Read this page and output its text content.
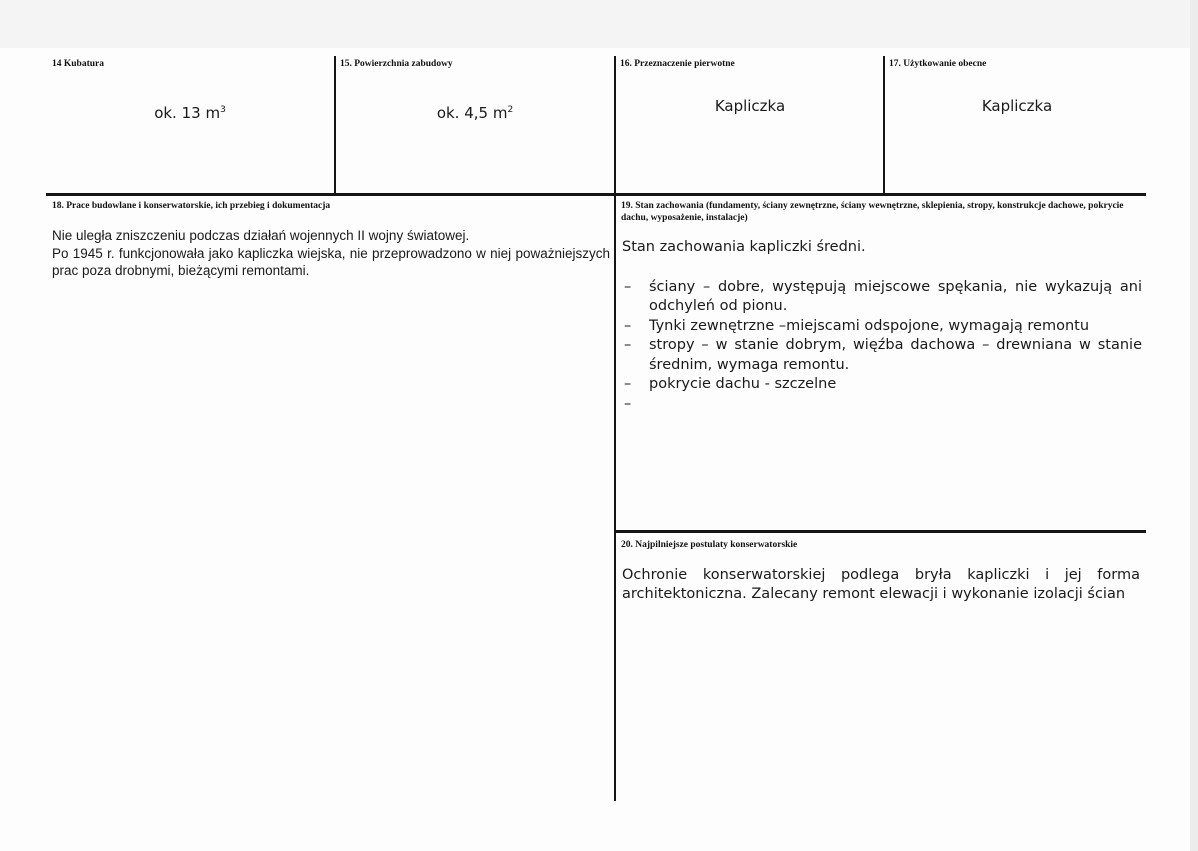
14 Kubatura
ok. 13 $m^3$
15. Powierzchnia zabudowy
ok. 4,5 $m^2$
16. Przeznaczenie pierwotne
Kapliczka
17. Użytkowanie obecne
Kapliczka
18. Prace budowlane i konserwatorskie, ich przebieg i dokumentacja

Nie uległa zniszczeniu podczas działań wojennych II wojny światowej.

Po 1945 r. funkcjonowała jako kapliczka wiejska, nie przeprowadzono w niej poważniejszych prac poza drobnymi, bieżącymi remontami.

19. Stan zachowania (fundamenty, ściany zewnętrzne, ściany wewnętrzne, sklepienia, stropy, konstrukcje dachowe, pokrycie dachu, wyposażenie, instalacje)

Stan zachowania kapliczki średni.

– ściany – dobre, występują miejscowe spękania, nie wykazują ani odchyleń od pionu.
– Tynki zewnętrzne –miejscami odspojone, wymagają remontu
– stropy – w stanie dobrym, więźba dachowa – drewniana w stanie średnim, wymaga remontu.
– pokrycie dachu - szczelne
–
20. Najpilniejsze postulaty konserwatorskie
Ochronie konserwatorskiej podlega bryła kapliczki i jej forma architektoniczna. Zalecany remont elewacji i wykonanie izolacji ścian
